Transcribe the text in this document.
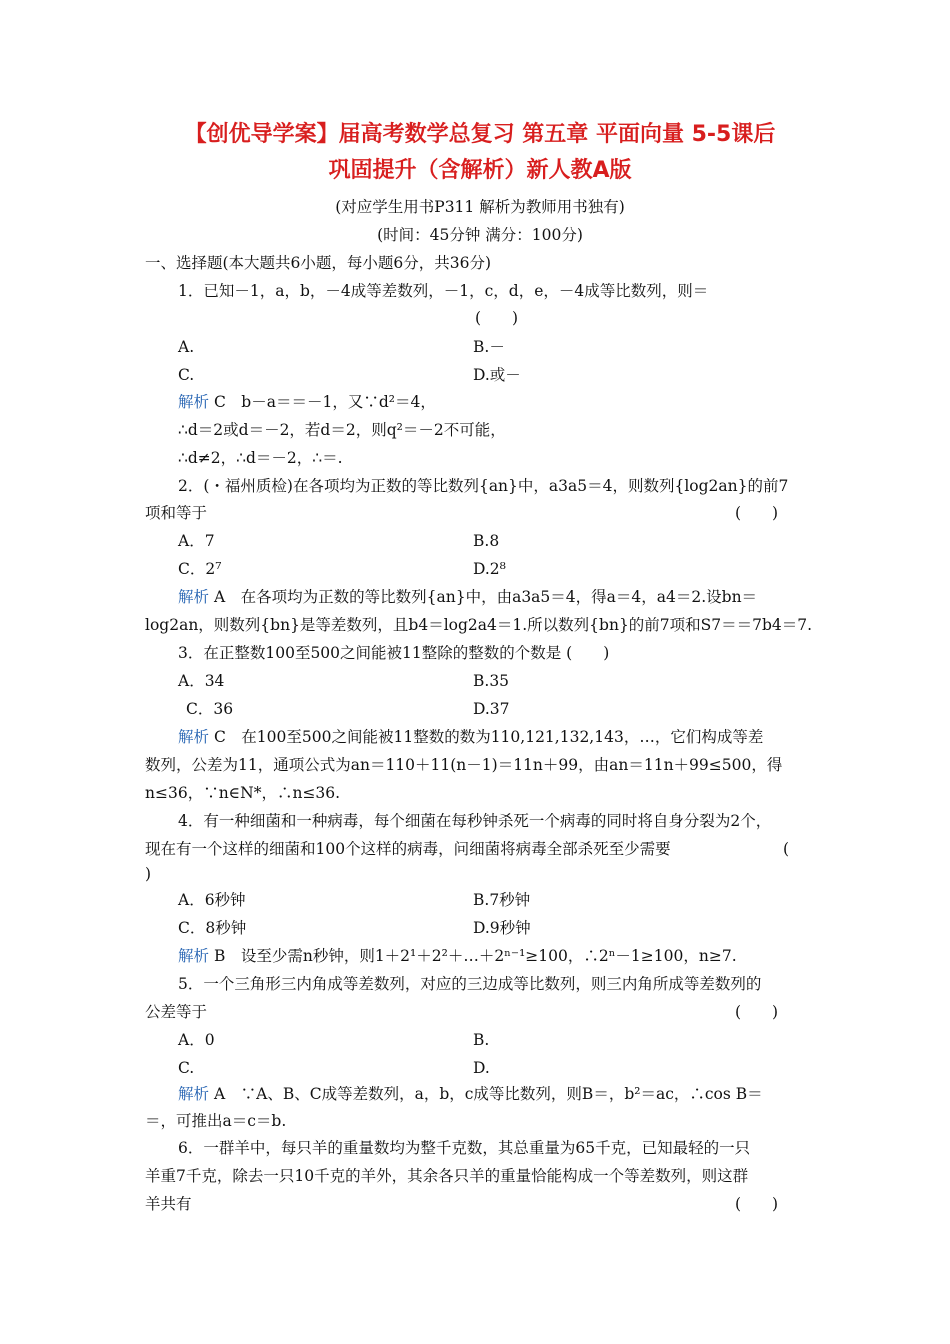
【创优导学案】届高考数学总复习 第五章 平面向量 5-5课后
巩固提升（含解析）新人教A版
(对应学生用书P311 解析为教师用书独有)
(时间：45分钟 满分：100分)
一、选择题(本大题共6小题，每小题6分，共36分)
1．已知－1，a，b，－4成等差数列，－1，c，d，e，－4成等比数列，则＝
(　　)
A.	B.－
C.	D.或－
解析 C　b－a＝＝－1，又∵d²＝4，
∴d＝2或d＝－2，若d＝2，则q²＝－2不可能，
∴d≠2，∴d＝－2，∴＝.
2．(・福州质检)在各项均为正数的等比数列{an}中，a3a5＝4，则数列{log2an}的前7
项和等于	(　　)
A．7	B.8
C．2⁷	D.2⁸
解析 A　在各项均为正数的等比数列{an}中，由a3a5＝4，得a＝4，a4＝2.设bn＝
log2an，则数列{bn}是等差数列，且b4＝log2a4＝1.所以数列{bn}的前7项和S7＝＝7b4＝7.
3．在正整数100至500之间能被11整除的整数的个数是 (　　)
A．34	B.35
C．36	D.37
解析 C　在100至500之间能被11整数的数为110,121,132,143，…，它们构成等差
数列，公差为11，通项公式为an＝110＋11(n－1)＝11n＋99，由an＝11n＋99≤500，得
n≤36，∵n∈N*，∴n≤36.
4．有一种细菌和一种病毒，每个细菌在每秒钟杀死一个病毒的同时将自身分裂为2个，
现在有一个这样的细菌和100个这样的病毒，问细菌将病毒全部杀死至少需要	(
)
A．6秒钟	B.7秒钟
C．8秒钟	D.9秒钟
解析 B　设至少需n秒钟，则1＋2¹＋2²＋…＋2ⁿ⁻¹≥100，∴2ⁿ－1≥100，n≥7.
5．一个三角形三内角成等差数列，对应的三边成等比数列，则三内角所成等差数列的
公差等于	(　　)
A．0	B.
C.	D.
解析 A　∵A、B、C成等差数列，a，b，c成等比数列，则B＝，b²＝ac，∴cos B＝
＝，可推出a＝c＝b.
6．一群羊中，每只羊的重量数均为整千克数，其总重量为65千克，已知最轻的一只
羊重7千克，除去一只10千克的羊外，其余各只羊的重量恰能构成一个等差数列，则这群
羊共有	(　　)
